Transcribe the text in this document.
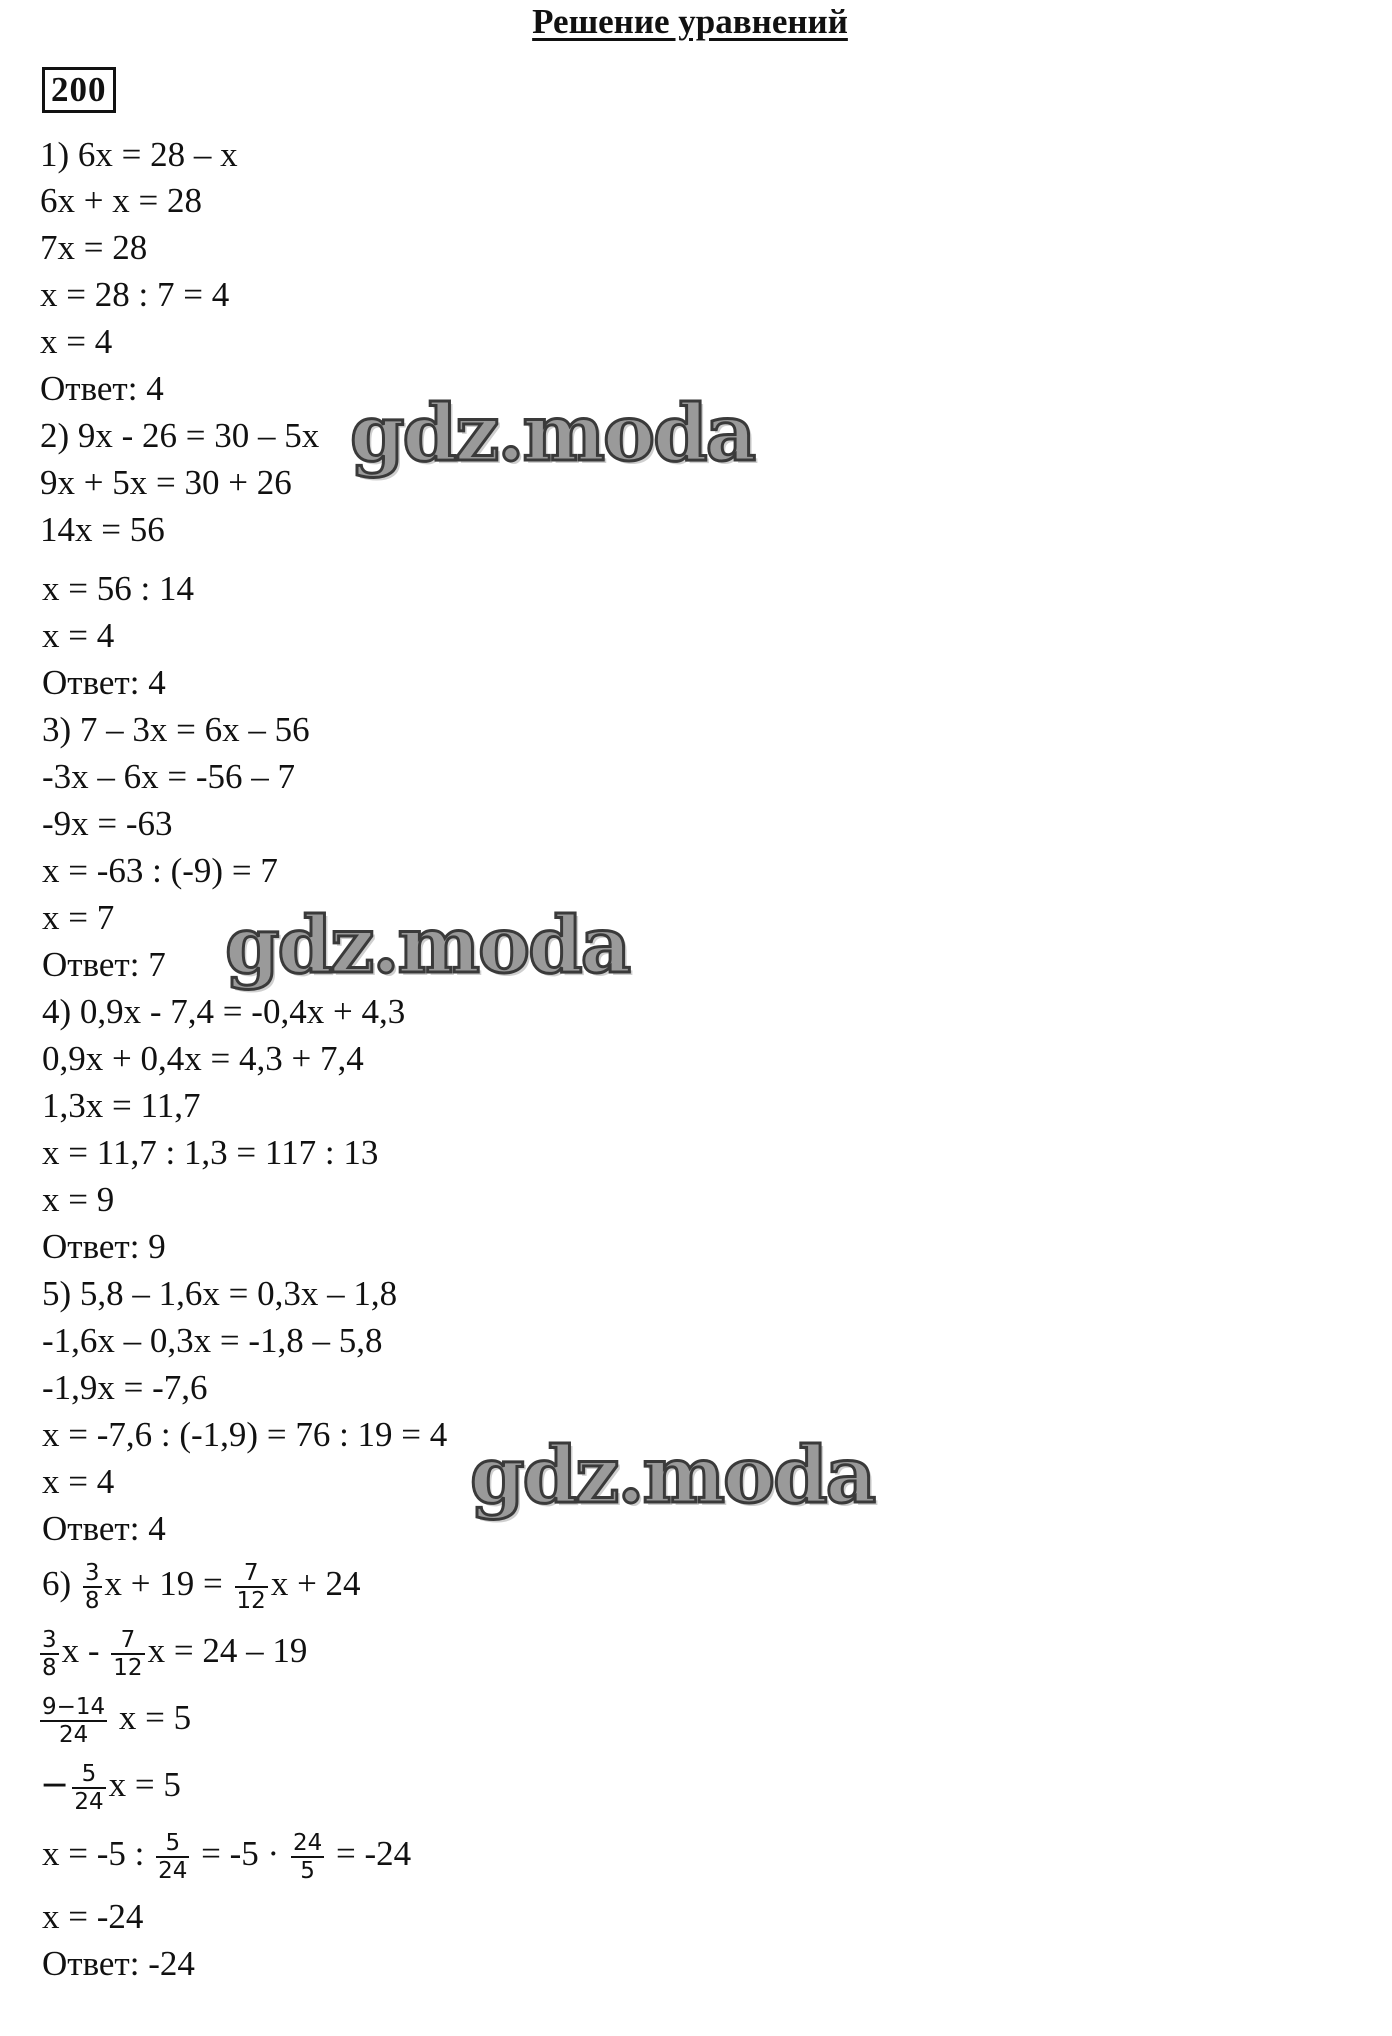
Решение уравнений
200
1) 6x = 28 – x
6x + x = 28
7x = 28
x = 28 : 7 = 4
x = 4
Ответ: 4
2) 9x - 26 = 30 – 5x
9x + 5x = 30 + 26
14x = 56
x = 56 : 14
x = 4
Ответ: 4
3) 7 – 3x = 6x – 56
-3x – 6x = -56 – 7
-9x = -63
x = -63 : (-9) = 7
x = 7
Ответ: 7
4) 0,9x - 7,4 = -0,4x + 4,3
0,9x + 0,4x = 4,3 + 7,4
1,3x = 11,7
x = 11,7 : 1,3 = 117 : 13
x = 9
Ответ: 9
5) 5,8 – 1,6x = 0,3x – 1,8
-1,6x – 0,3x = -1,8 – 5,8
-1,9x = -7,6
x = -7,6 : (-1,9) = 76 : 19 = 4
x = 4
Ответ: 4
$6) \frac{3}{8}$ $x + 19 = \frac{7}{12}$ x + 24
$\frac{3}{8}$ x - $\frac{7}{12}$ x = 24 – 19
$\frac{9-14}{24}$ x = 5
− $\frac{5}{24}$ x = 5
x = -5 : $\frac{5}{24} = -5 \cdot \frac{24}{5} = -24$
x = -24
Ответ: -24
gdz.moda
gdz.moda
gdz.moda
